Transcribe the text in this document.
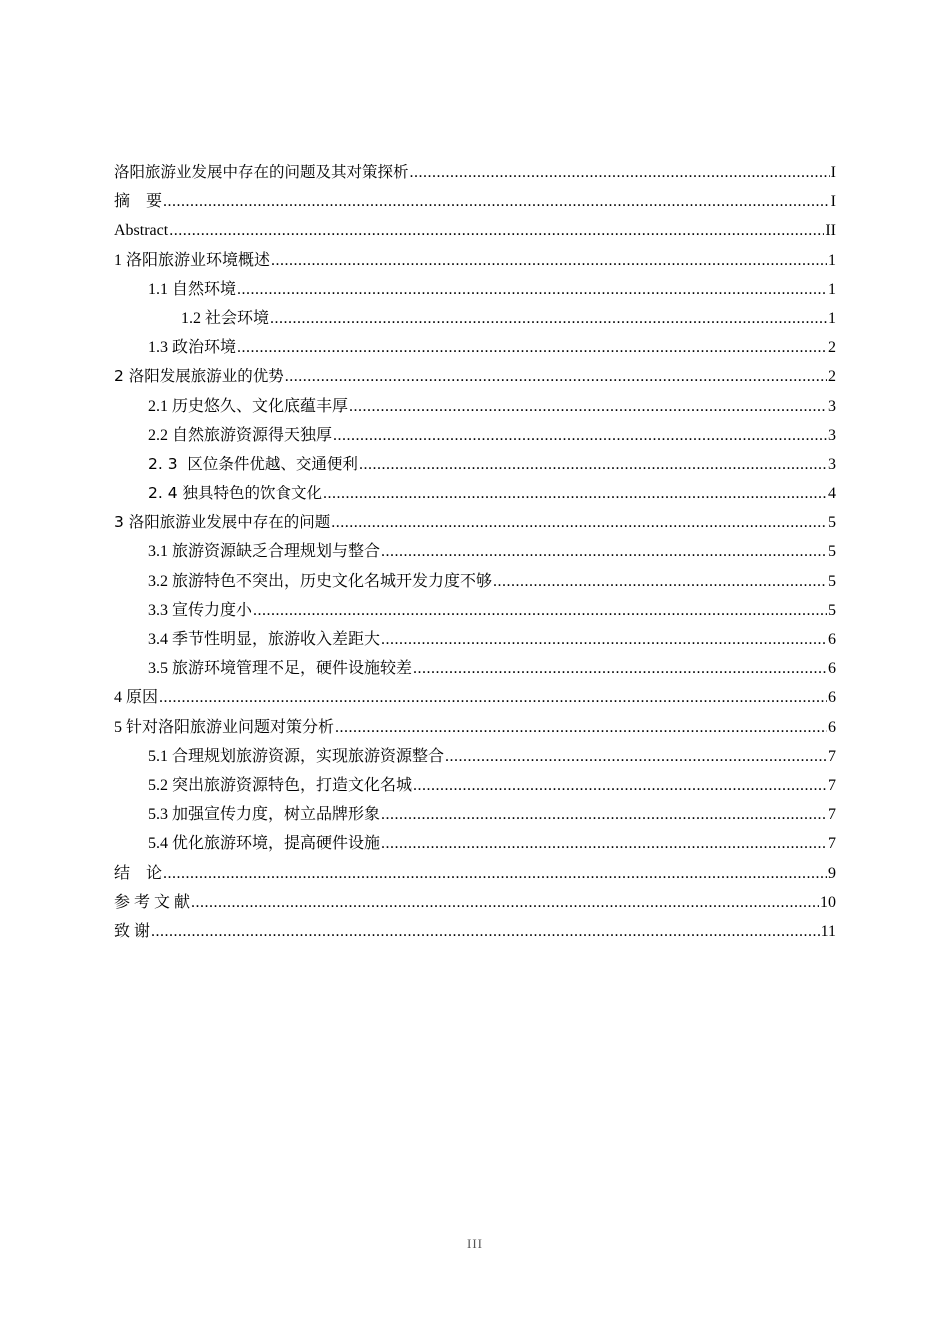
洛阳旅游业发展中存在的问题及其对策探析 .....	I
摘　要 .....	I
Abstract .....	II
1 洛阳旅游业环境概述 .....	1
1.1 自然环境 .....	1
1.2 社会环境 .....	1
1.3 政治环境 .....	2
2 洛阳发展旅游业的优势 .....	2
2.1 历史悠久、文化底蕴丰厚 .....	3
2.2 自然旅游资源得天独厚 .....	3
2. 3  区位条件优越、交通便利 .....	3
2. 4 独具特色的饮食文化 .....	4
3 洛阳旅游业发展中存在的问题 .....	5
3.1 旅游资源缺乏合理规划与整合 .....	5
3.2 旅游特色不突出，历史文化名城开发力度不够 .....	5
3.3 宣传力度小 .....	5
3.4 季节性明显，旅游收入差距大 .....	6
3.5 旅游环境管理不足，硬件设施较差 .....	6
4 原因 .....	6
5 针对洛阳旅游业问题对策分析 .....	6
5.1 合理规划旅游资源，实现旅游资源整合 .....	7
5.2 突出旅游资源特色，打造文化名城 .....	7
5.3 加强宣传力度，树立品牌形象 .....	7
5.4 优化旅游环境，提高硬件设施 .....	7
结　论 .....	9
参 考 文 献 .....	10
致 谢 .....	11
III
